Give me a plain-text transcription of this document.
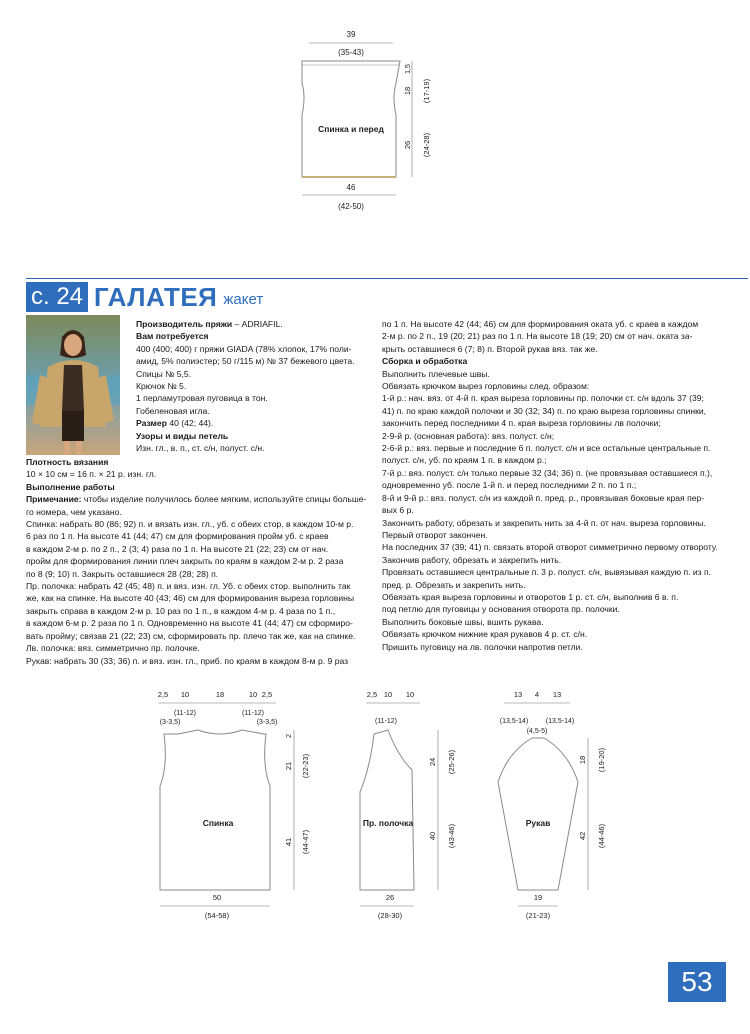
39
(35-43)
Спинка и перед
46
(42-50)
1,5
18 (17-19)
26 (24-28)
с. 24 ГАЛАТЕЯ жакет

Производитель пряжи – ADRIAFIL.

Вам потребуется

400 (400; 400) г пряжи GIADA (78% хлопок, 17% поли-

амид, 5% полиэстер; 50 г/115 м) № 37 бежевого цвета.

Спицы № 5,5.

Крючок № 5.

1 перламутровая пуговица в тон.

Гобеленовая игла.

Размер 40 (42; 44).

Узоры и виды петель

Изн. гл., в. п., ст. с/н, полуст. с/н.

Плотность вязания

10 × 10 см = 16 п. × 21 р. изн. гл.

Выполнение работы

Примечание: чтобы изделие получилось более мягким, используйте спицы больше-

го номера, чем указано.

Спинка: набрать 80 (86; 92) п. и вязать изн. гл., уб. с обеих стор. в каждом 10-м р.

6 раз по 1 п. На высоте 41 (44; 47) см для формирования пройм уб. с краев

в каждом 2-м р. по 2 п., 2 (3; 4) раза по 1 п. На высоте 21 (22; 23) см от нач.

пройм для формирования линии плеч закрыть по краям в каждом 2-м р. 2 раза

по 8 (9; 10) п. Закрыть оставшиеся 28 (28; 28) п.

Пр. полочка: набрать 42 (45; 48) п. и вяз. изн. гл. Уб. с обеих стор. выполнить так

же, как на спинке. На высоте 40 (43; 46) см для формирования выреза горловины

закрыть справа в каждом 2-м р. 10 раз по 1 п., в каждом 4-м р. 4 раза по 1 п.,

в каждом 6-м р. 2 раза по 1 п. Одновременно на высоте 41 (44; 47) см сформиро-

вать пройму; связав 21 (22; 23) см, сформировать пр. плечо так же, как на спинке.

Лв. полочка: вяз. симметрично пр. полочке.

Рукав: набрать 30 (33; 36) п. и вяз. изн. гл., приб. по краям в каждом 8-м р. 9 раз

по 1 п. На высоте 42 (44; 46) см для формирования оката уб. с краев в каждом

2-м р. по 2 п., 19 (20; 21) раз по 1 п. На высоте 18 (19; 20) см от нач. оката за-

крыть оставшиеся 6 (7; 8) п. Второй рукав вяз. так же.

Сборка и обработка

Выполнить плечевые швы.

Обвязать крючком вырез горловины след. образом:

1-й р.: нач. вяз. от 4-й п. края выреза горловины пр. полочки ст. с/н вдоль 37 (39;

41) п. по краю каждой полочки и 30 (32; 34) п. по краю выреза горловины спинки,

закончить перед последними 4 п. края выреза горловины лв полочки;

2-9-й р. (основная работа): вяз. полуст. с/н;

2-6-й р.: вяз. первые и последние 6 п. полуст. с/н и все остальные центральные п.

полуст. с/н, уб. по краям 1 п. в каждом р.;

7-й р.: вяз. полуст. с/н только первые 32 (34; 36) п. (не провязывая оставшиеся п.),

одновременно уб. после 1-й п. и перед последними 2 п. по 1 п.;

8-й и 9-й р.: вяз. полуст. с/н из каждой п. пред. р., провязывая боковые края пер-

вых 6 р.

Закончить работу, обрезать и закрепить нить за 4-й п. от нач. выреза горловины.

Первый отворот закончен.

На последних 37 (39; 41) п. связать второй отворот симметрично первому отвороту.

Закончив работу, обрезать и закрепить нить.

Провязать оставшиеся центральные п. 3 р. полуст. с/н, вывязывая каждую п. из п.

пред. р. Обрезать и закрепить нить.

Обвязать края выреза горловины и отворотов 1 р. ст. с/н, выполнив 6 в. п.

под петлю для пуговицы у основания отворота пр. полочки.

Выполнить боковые швы, вшить рукава.

Обвязать крючком нижние края рукавов 4 р. ст. с/н.

Пришить пуговицу на лв. полочки напротив петли.

2,5 10	18	10 2,5
(11-12)	(11-12)
(3-3,5)	(3-3,5)
Спинка
50
(54-58)
2
21 (22-23)
41 (44-47)
2,5 10 10
(11-12)
Пр. полочка
26
(28-30)
24 (25-26)
40 (43-46)
13 4 13
(13,5-14)	(13,5-14)
(4,5-5)
Рукав
19
(21-23)
18 (19-20)
42 (44-46)
53
